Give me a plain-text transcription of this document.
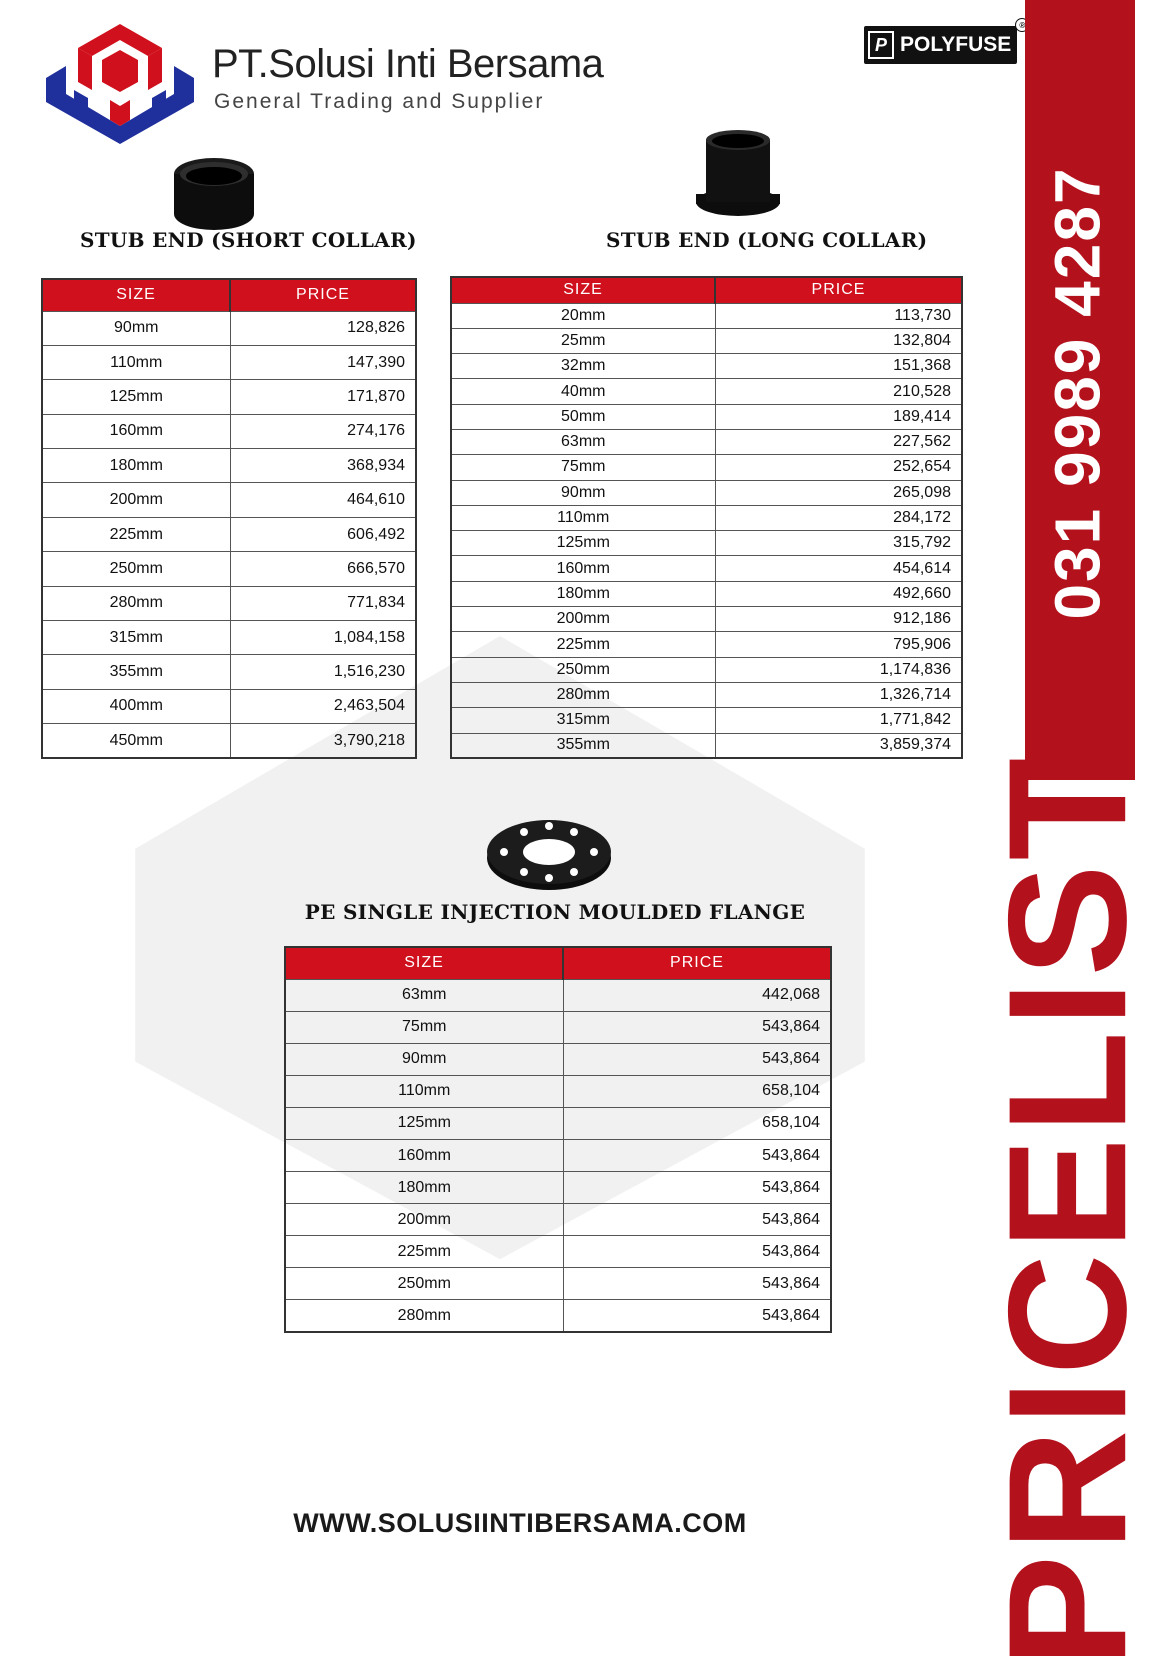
PT.Solusi Inti Bersama
General Trading and Supplier
P POLYFUSE
®
031 9989 4287
PRICELIST
STUB END (SHORT COLLAR)	STUB END (LONG COLLAR)
PE SINGLE INJECTION MOULDED FLANGE
SIZE	PRICE
90mm	128,826
110mm	147,390
125mm	171,870
160mm	274,176
180mm	368,934
200mm	464,610
225mm	606,492
250mm	666,570
280mm	771,834
315mm	1,084,158
355mm	1,516,230
400mm	2,463,504
450mm	3,790,218
SIZE	PRICE
20mm	113,730
25mm	132,804
32mm	151,368
40mm	210,528
50mm	189,414
63mm	227,562
75mm	252,654
90mm	265,098
110mm	284,172
125mm	315,792
160mm	454,614
180mm	492,660
200mm	912,186
225mm	795,906
250mm	1,174,836
280mm	1,326,714
315mm	1,771,842
355mm	3,859,374
SIZE	PRICE
63mm	442,068
75mm	543,864
90mm	543,864
110mm	658,104
125mm	658,104
160mm	543,864
180mm	543,864
200mm	543,864
225mm	543,864
250mm	543,864
280mm	543,864
WWW.SOLUSIINTIBERSAMA.COM
